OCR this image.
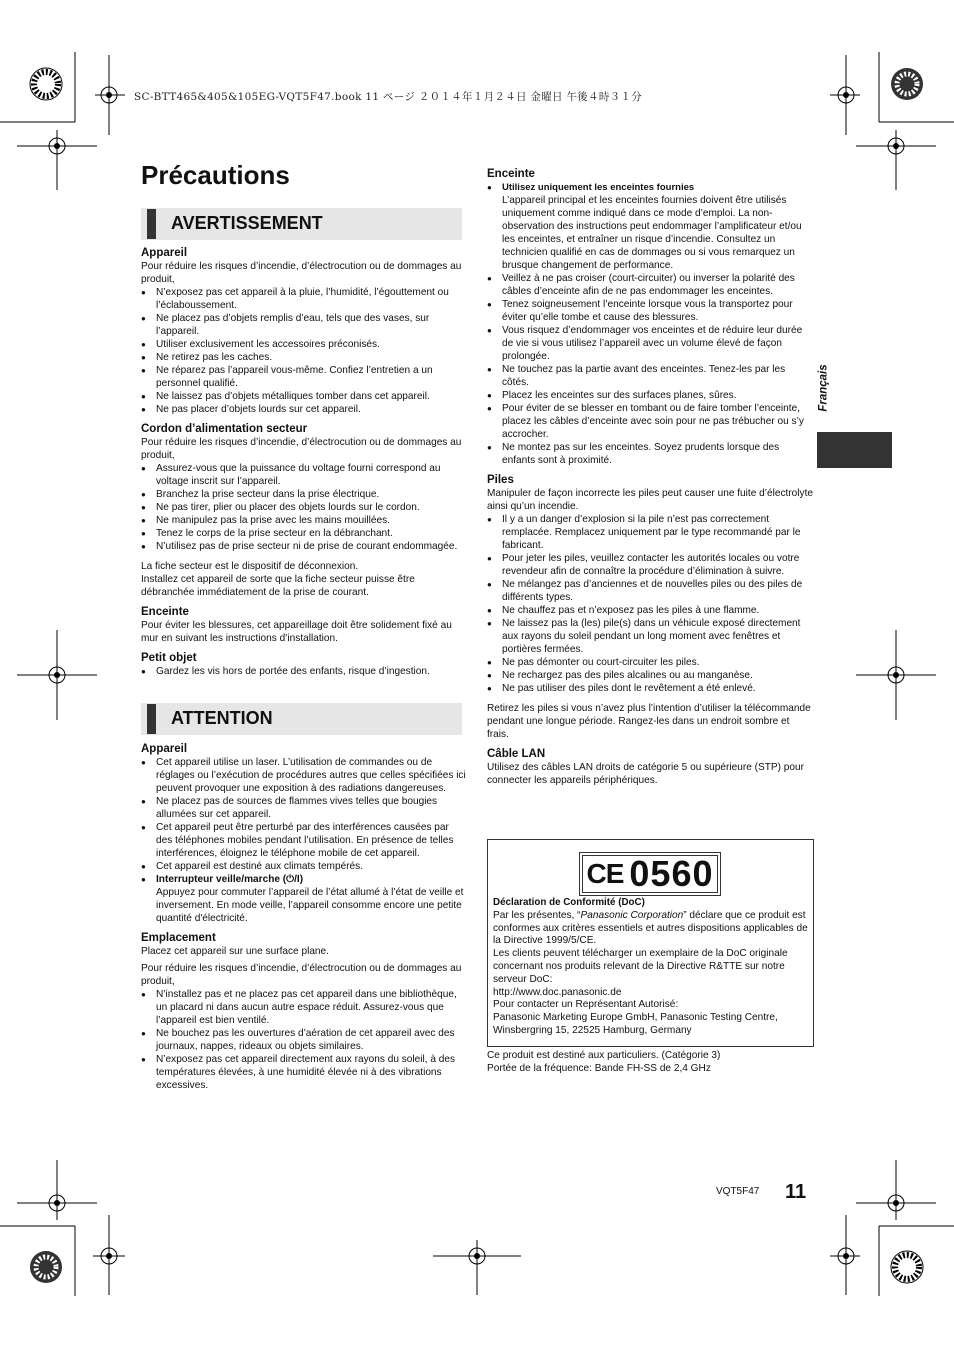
SC-BTT465&405&105EG-VQT5F47.book 11 ページ ２０１４年１月２４日 金曜日 午後４時３１分
Précautions
Français
AVERTISSEMENT
Appareil

Pour réduire les risques d’incendie, d’électrocution ou de dommages au produit,

● N’exposez pas cet appareil à la pluie, l’humidité, l’égouttement ou l’éclaboussement.
● Ne placez pas d’objets remplis d’eau, tels que des vases, sur l’appareil.
● Utiliser exclusivement les accessoires préconisés.
● Ne retirez pas les caches.
● Ne réparez pas l’appareil vous-même. Confiez l’entretien a un personnel qualifié.
● Ne laissez pas d’objets métalliques tomber dans cet appareil.
● Ne pas placer d’objets lourds sur cet appareil.
Cordon d’alimentation secteur

Pour réduire les risques d’incendie, d’électrocution ou de dommages au produit,

● Assurez-vous que la puissance du voltage fourni correspond au voltage inscrit sur l’appareil.
● Branchez la prise secteur dans la prise électrique.
● Ne pas tirer, plier ou placer des objets lourds sur le cordon.
● Ne manipulez pas la prise avec les mains mouillées.
● Tenez le corps de la prise secteur en la débranchant.
● N’utilisez pas de prise secteur ni de prise de courant endommagée.

La fiche secteur est le dispositif de déconnexion.

Installez cet appareil de sorte que la fiche secteur puisse être débranchée immédiatement de la prise de courant.

Enceinte

Pour éviter les blessures, cet appareillage doit être solidement fixé au mur en suivant les instructions d’installation.

Petit objet
● Gardez les vis hors de portée des enfants, risque d’ingestion.
ATTENTION
Appareil
● Cet appareil utilise un laser. L’utilisation de commandes ou de réglages ou l’exécution de procédures autres que celles spécifiées ici peuvent provoquer une exposition à des radiations dangereuses.
● Ne placez pas de sources de flammes vives telles que bougies allumées sur cet appareil.
● Cet appareil peut être perturbé par des interférences causées par des téléphones mobiles pendant l’utilisation. En présence de telles interférences, éloignez le téléphone mobile de cet appareil.
● Cet appareil est destiné aux climats tempérés.
● Interrupteur veille/marche (⏻/I)
Appuyez pour commuter l’appareil de l’état allumé à l’état de veille et inversement. En mode veille, l’appareil consomme encore une petite quantité d'électricité.
Emplacement

Placez cet appareil sur une surface plane.

Pour réduire les risques d’incendie, d’électrocution ou de dommages au produit,

● N’installez pas et ne placez pas cet appareil dans une bibliothèque, un placard ni dans aucun autre espace réduit. Assurez-vous que l’appareil est bien ventilé.
● Ne bouchez pas les ouvertures d’aération de cet appareil avec des journaux, nappes, rideaux ou objets similaires.
● N’exposez pas cet appareil directement aux rayons du soleil, à des températures élevées, à une humidité élevée ni à des vibrations excessives.
Enceinte
● Utilisez uniquement les enceintes fournies
L’appareil principal et les enceintes fournies doivent être utilisés uniquement comme indiqué dans ce mode d’emploi. La non-observation des instructions peut endommager l’amplificateur et/ou les enceintes, et entraîner un risque d’incendie. Consultez un technicien qualifié en cas de dommages ou si vous remarquez un brusque changement de performance.
● Veillez à ne pas croiser (court-circuiter) ou inverser la polarité des câbles d’enceinte afin de ne pas endommager les enceintes.
● Tenez soigneusement l’enceinte lorsque vous la transportez pour éviter qu’elle tombe et cause des blessures.
● Vous risquez d’endommager vos enceintes et de réduire leur durée de vie si vous utilisez l’appareil avec un volume élevé de façon prolongée.
● Ne touchez pas la partie avant des enceintes. Tenez-les par les côtés.
● Placez les enceintes sur des surfaces planes, sûres.
● Pour éviter de se blesser en tombant ou de faire tomber l’enceinte, placez les câbles d’enceinte avec soin pour ne pas trébucher ou s’y accrocher.
● Ne montez pas sur les enceintes. Soyez prudents lorsque des enfants sont à proximité.
Piles

Manipuler de façon incorrecte les piles peut causer une fuite d’électrolyte ainsi qu’un incendie.

● Il y a un danger d’explosion si la pile n’est pas correctement remplacée. Remplacez uniquement par le type recommandé par le fabricant.
● Pour jeter les piles, veuillez contacter les autorités locales ou votre revendeur afin de connaître la procédure d’élimination à suivre.
● Ne mélangez pas d’anciennes et de nouvelles piles ou des piles de différents types.
● Ne chauffez pas et n’exposez pas les piles à une flamme.
● Ne laissez pas la (les) pile(s) dans un véhicule exposé directement aux rayons du soleil pendant un long moment avec fenêtres et portières fermées.
● Ne pas démonter ou court-circuiter les piles.
● Ne rechargez pas des piles alcalines ou au manganèse.
● Ne pas utiliser des piles dont le revêtement a été enlevé.

Retirez les piles si vous n’avez plus l’intention d’utiliser la télécommande pendant une longue période. Rangez-les dans un endroit sombre et frais.

Câble LAN

Utilisez des câbles LAN droits de catégorie 5 ou supérieure (STP) pour connecter les appareils périphériques.

CE 0560
Déclaration de Conformité (DoC)
Par les présentes, “Panasonic Corporation” déclare que ce produit est conformes aux critères essentiels et autres dispositions applicables de la Directive 1999/5/CE.
Les clients peuvent télécharger un exemplaire de la DoC originale concernant nos produits relevant de la Directive R&TTE sur notre serveur DoC:
http://www.doc.panasonic.de
Pour contacter un Représentant Autorisé:
Panasonic Marketing Europe GmbH, Panasonic Testing Centre, Winsbergring 15, 22525 Hamburg, Germany

Ce produit est destiné aux particuliers. (Catégorie 3)

Portée de la fréquence: Bande FH-SS de 2,4 GHz

VQT5F47 11
